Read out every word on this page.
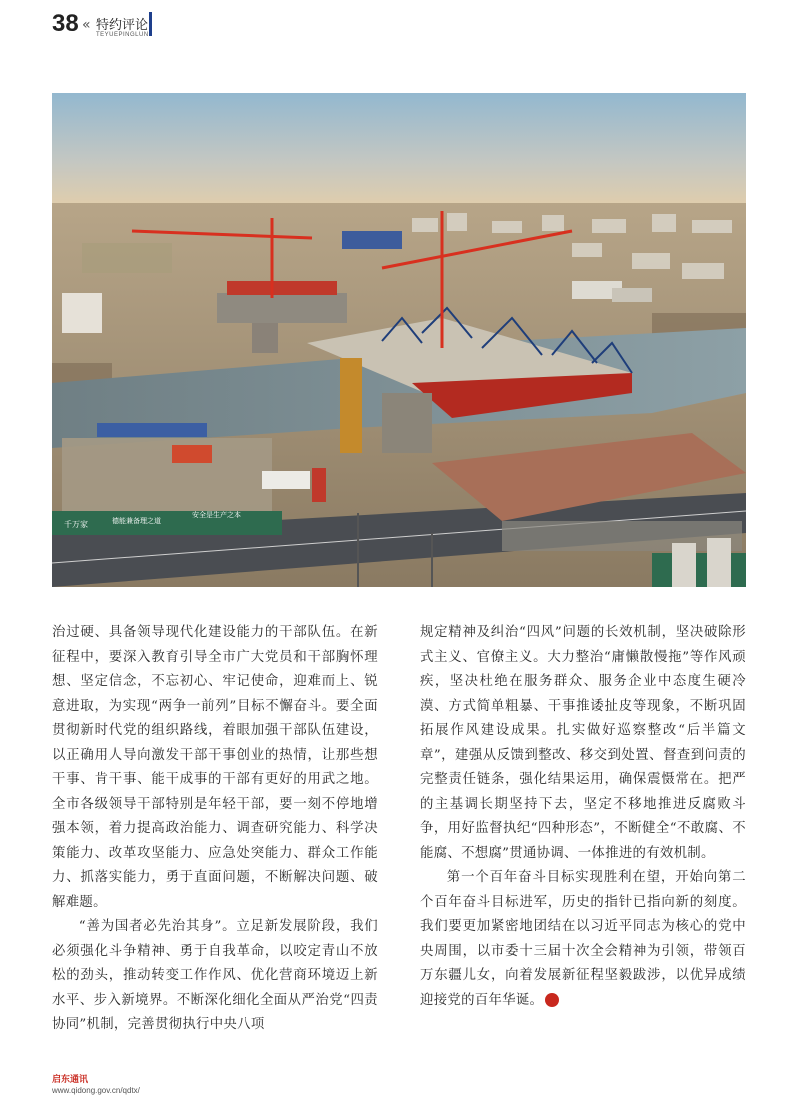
38 « 特约评论
TEYUEPINGLUN
千万家	德能兼备理之道
安全是生产之本

治过硬、具备领导现代化建设能力的干部队伍。在新征程中，要深入教育引导全市广大党员和干部胸怀理想、坚定信念，不忘初心、牢记使命，迎难而上、锐意进取，为实现“两争一前列”目标不懈奋斗。要全面贯彻新时代党的组织路线，着眼加强干部队伍建设，以正确用人导向激发干部干事创业的热情，让那些想干事、肯干事、能干成事的干部有更好的用武之地。全市各级领导干部特别是年轻干部，要一刻不停地增强本领，着力提高政治能力、调查研究能力、科学决策能力、改革攻坚能力、应急处突能力、群众工作能力、抓落实能力，勇于直面问题，不断解决问题、破解难题。

“善为国者必先治其身”。立足新发展阶段，我们必须强化斗争精神、勇于自我革命，以咬定青山不放松的劲头，推动转变工作作风、优化营商环境迈上新水平、步入新境界。不断深化细化全面从严治党“四责协同”机制，完善贯彻执行中央八项

规定精神及纠治“四风”问题的长效机制，坚决破除形式主义、官僚主义。大力整治“庸懒散慢拖”等作风顽疾，坚决杜绝在服务群众、服务企业中态度生硬冷漠、方式简单粗暴、干事推诿扯皮等现象，不断巩固拓展作风建设成果。扎实做好巡察整改“后半篇文章”，建强从反馈到整改、移交到处置、督查到问责的完整责任链条，强化结果运用，确保震慑常在。把严的主基调长期坚持下去，坚定不移地推进反腐败斗争，用好监督执纪“四种形态”，不断健全“不敢腐、不能腐、不想腐”贯通协调、一体推进的有效机制。

第一个百年奋斗目标实现胜利在望，开始向第二个百年奋斗目标进军，历史的指针已指向新的刻度。我们要更加紧密地团结在以习近平同志为核心的党中央周围，以市委十三届十次全会精神为引领，带领百万东疆儿女，向着发展新征程坚毅跋涉，以优异成绩迎接党的百年华诞。	东

启东通讯
www.qidong.gov.cn/qdtx/
